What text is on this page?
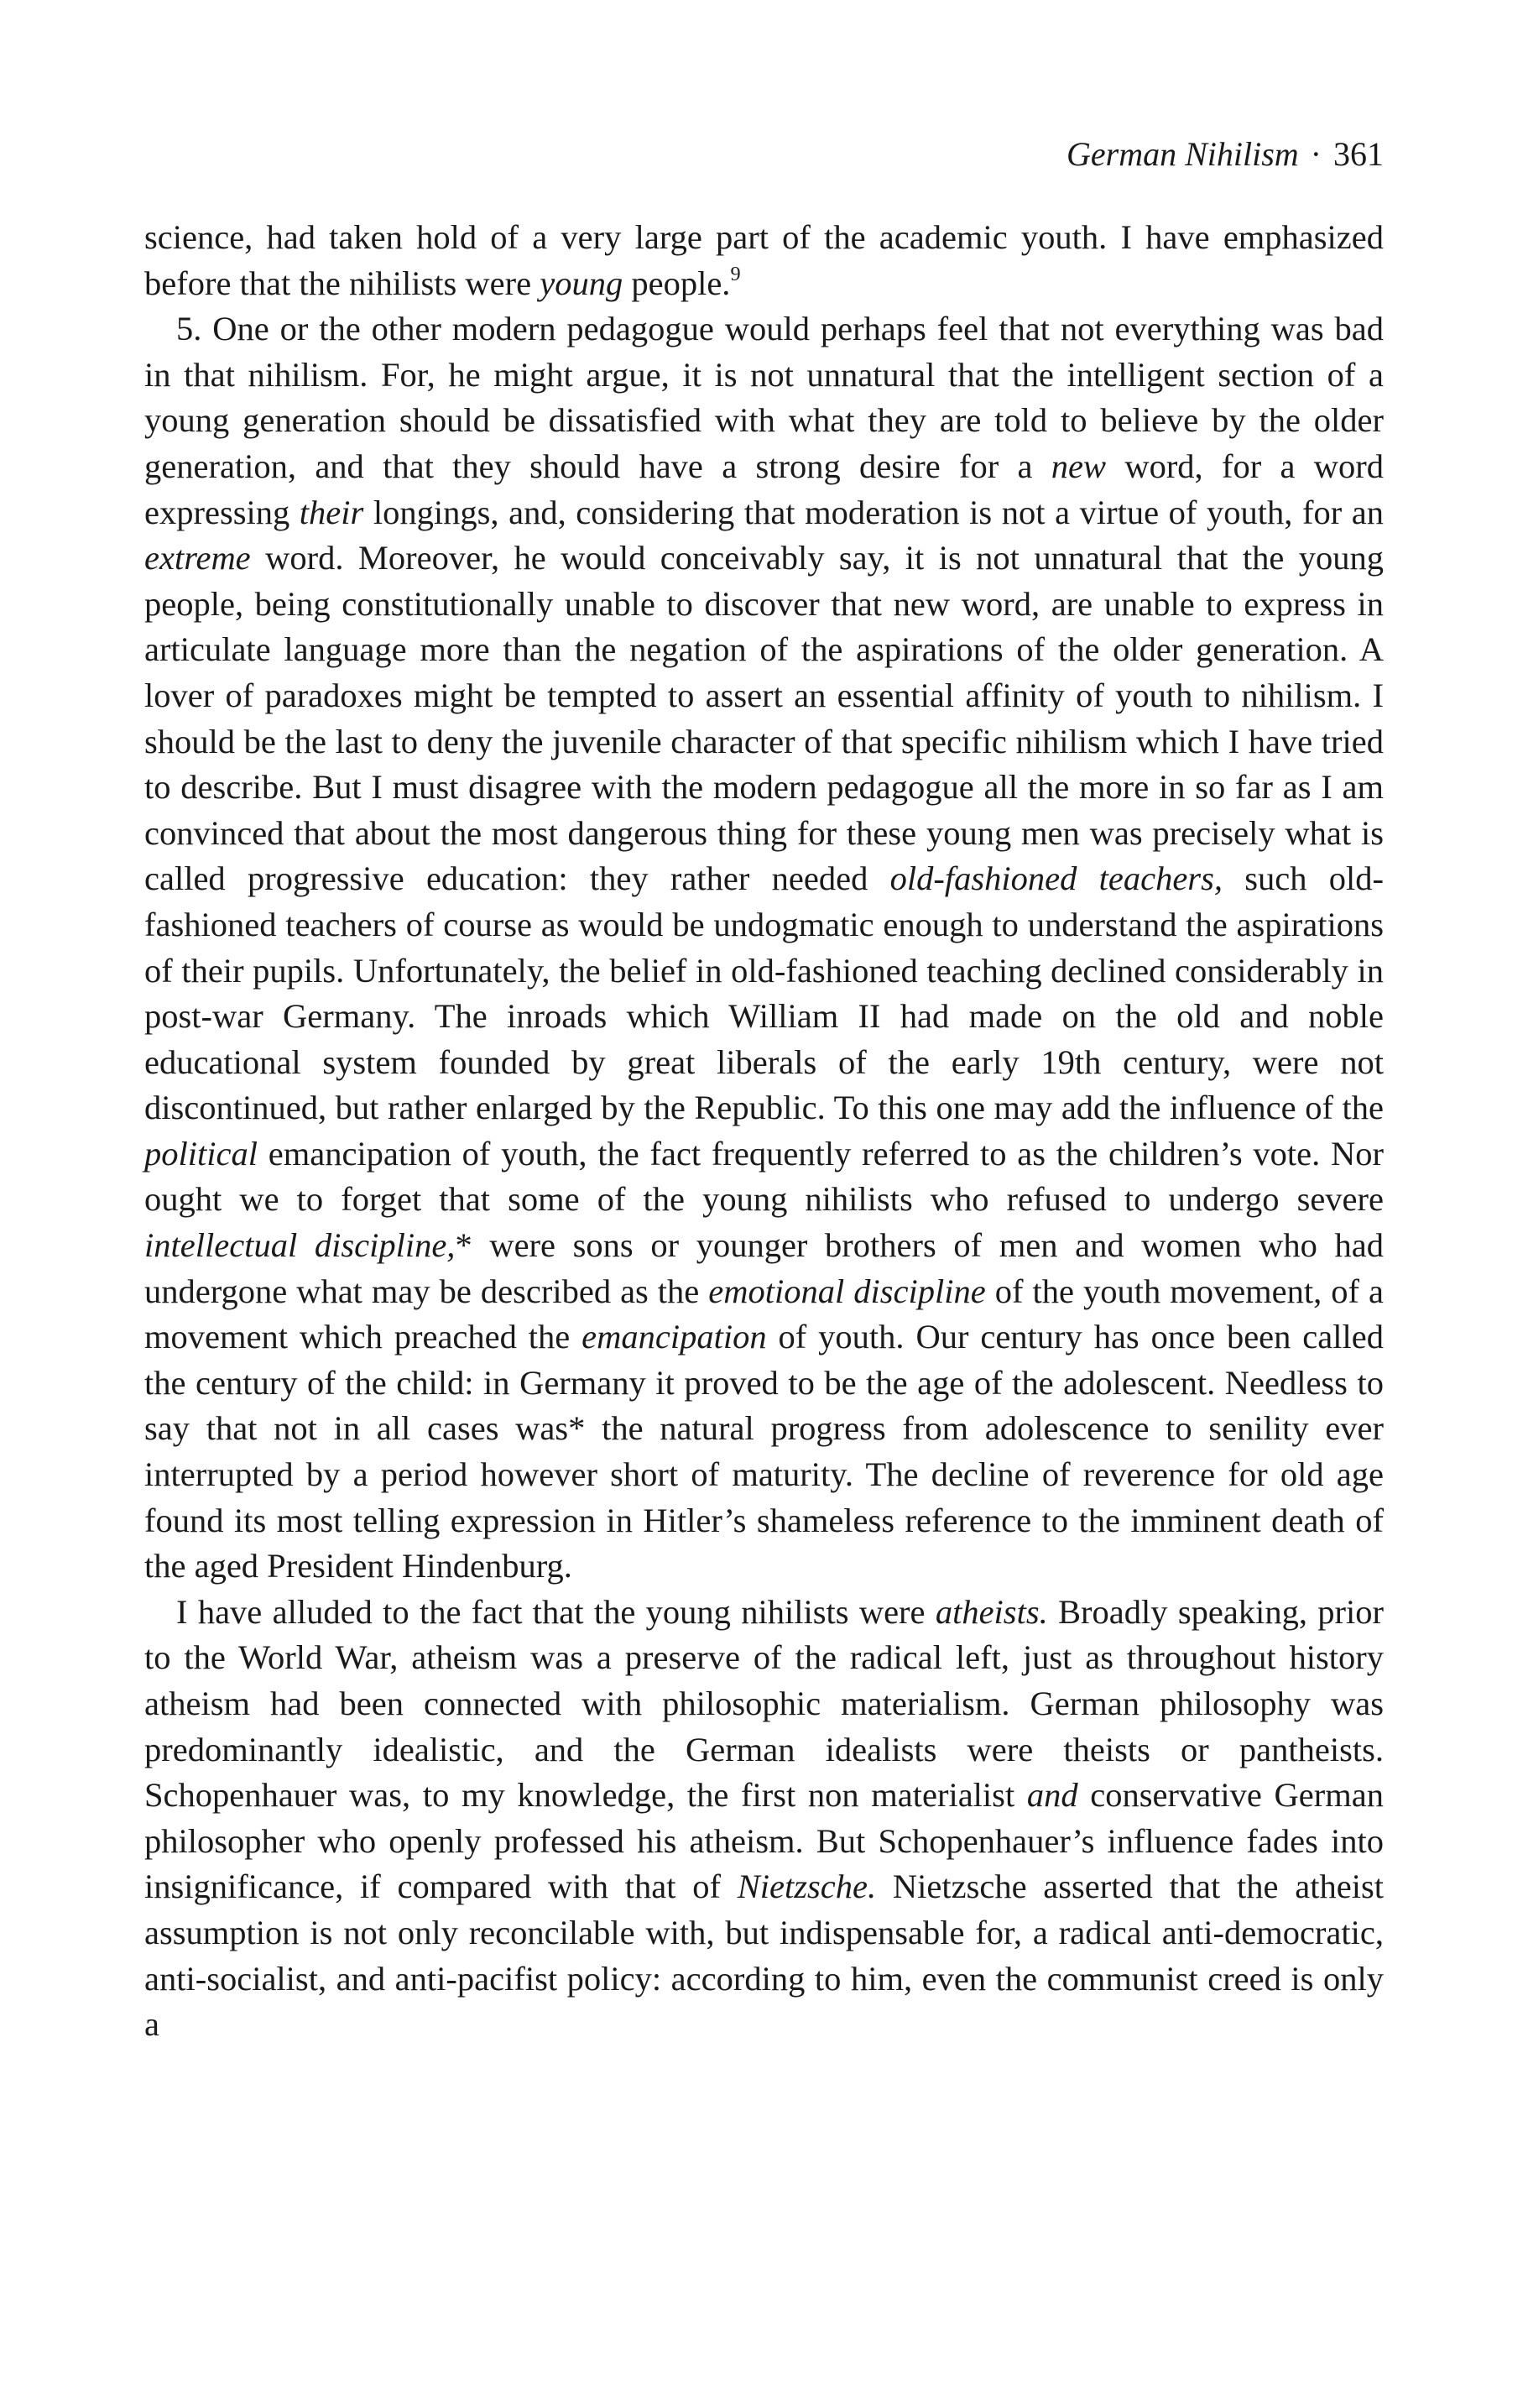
German Nihilism · 361

science, had taken hold of a very large part of the academic youth. I have emphasized before that the nihilists were young people.$^9$

5. One or the other modern pedagogue would perhaps feel that not everything was bad in that nihilism. For, he might argue, it is not unnatural that the intelligent section of a young generation should be dissatisfied with what they are told to believe by the older generation, and that they should have a strong desire for a new word, for a word expressing their longings, and, considering that moderation is not a virtue of youth, for an extreme word. Moreover, he would conceivably say, it is not unnatural that the young people, being constitutionally unable to discover that new word, are unable to express in articulate language more than the negation of the aspirations of the older generation. A lover of paradoxes might be tempted to assert an essential affinity of youth to nihilism. I should be the last to deny the juvenile character of that specific nihilism which I have tried to describe. But I must disagree with the modern pedagogue all the more in so far as I am convinced that about the most dangerous thing for these young men was precisely what is called progressive education: they rather needed old-fashioned teachers, such old-fashioned teachers of course as would be undogmatic enough to understand the aspirations of their pupils. Unfortunately, the belief in old-fashioned teaching declined considerably in post-war Germany. The inroads which William II had made on the old and noble educational system founded by great liberals of the early 19th century, were not discontinued, but rather enlarged by the Republic. To this one may add the influence of the political emancipation of youth, the fact frequently referred to as the children’s vote. Nor ought we to forget that some of the young nihilists who refused to undergo severe intellectual discipline,* were sons or younger brothers of men and women who had undergone what may be described as the emotional discipline of the youth movement, of a movement which preached the emancipation of youth. Our century has once been called the century of the child: in Germany it proved to be the age of the adolescent. Needless to say that not in all cases was* the natural progress from adolescence to senility ever interrupted by a period however short of maturity. The decline of reverence for old age found its most telling expression in Hitler’s shameless reference to the imminent death of the aged President Hindenburg.

I have alluded to the fact that the young nihilists were atheists. Broadly speaking, prior to the World War, atheism was a preserve of the radical left, just as throughout history atheism had been connected with philosophic materialism. German philosophy was predominantly idealistic, and the German idealists were theists or pantheists. Schopenhauer was, to my knowledge, the first non materialist and conservative German philosopher who openly professed his atheism. But Schopenhauer’s influence fades into insignificance, if compared with that of Nietzsche. Nietzsche asserted that the atheist assumption is not only reconcilable with, but indispensable for, a radical anti-democratic, anti-socialist, and anti-pacifist policy: according to him, even the communist creed is only a
